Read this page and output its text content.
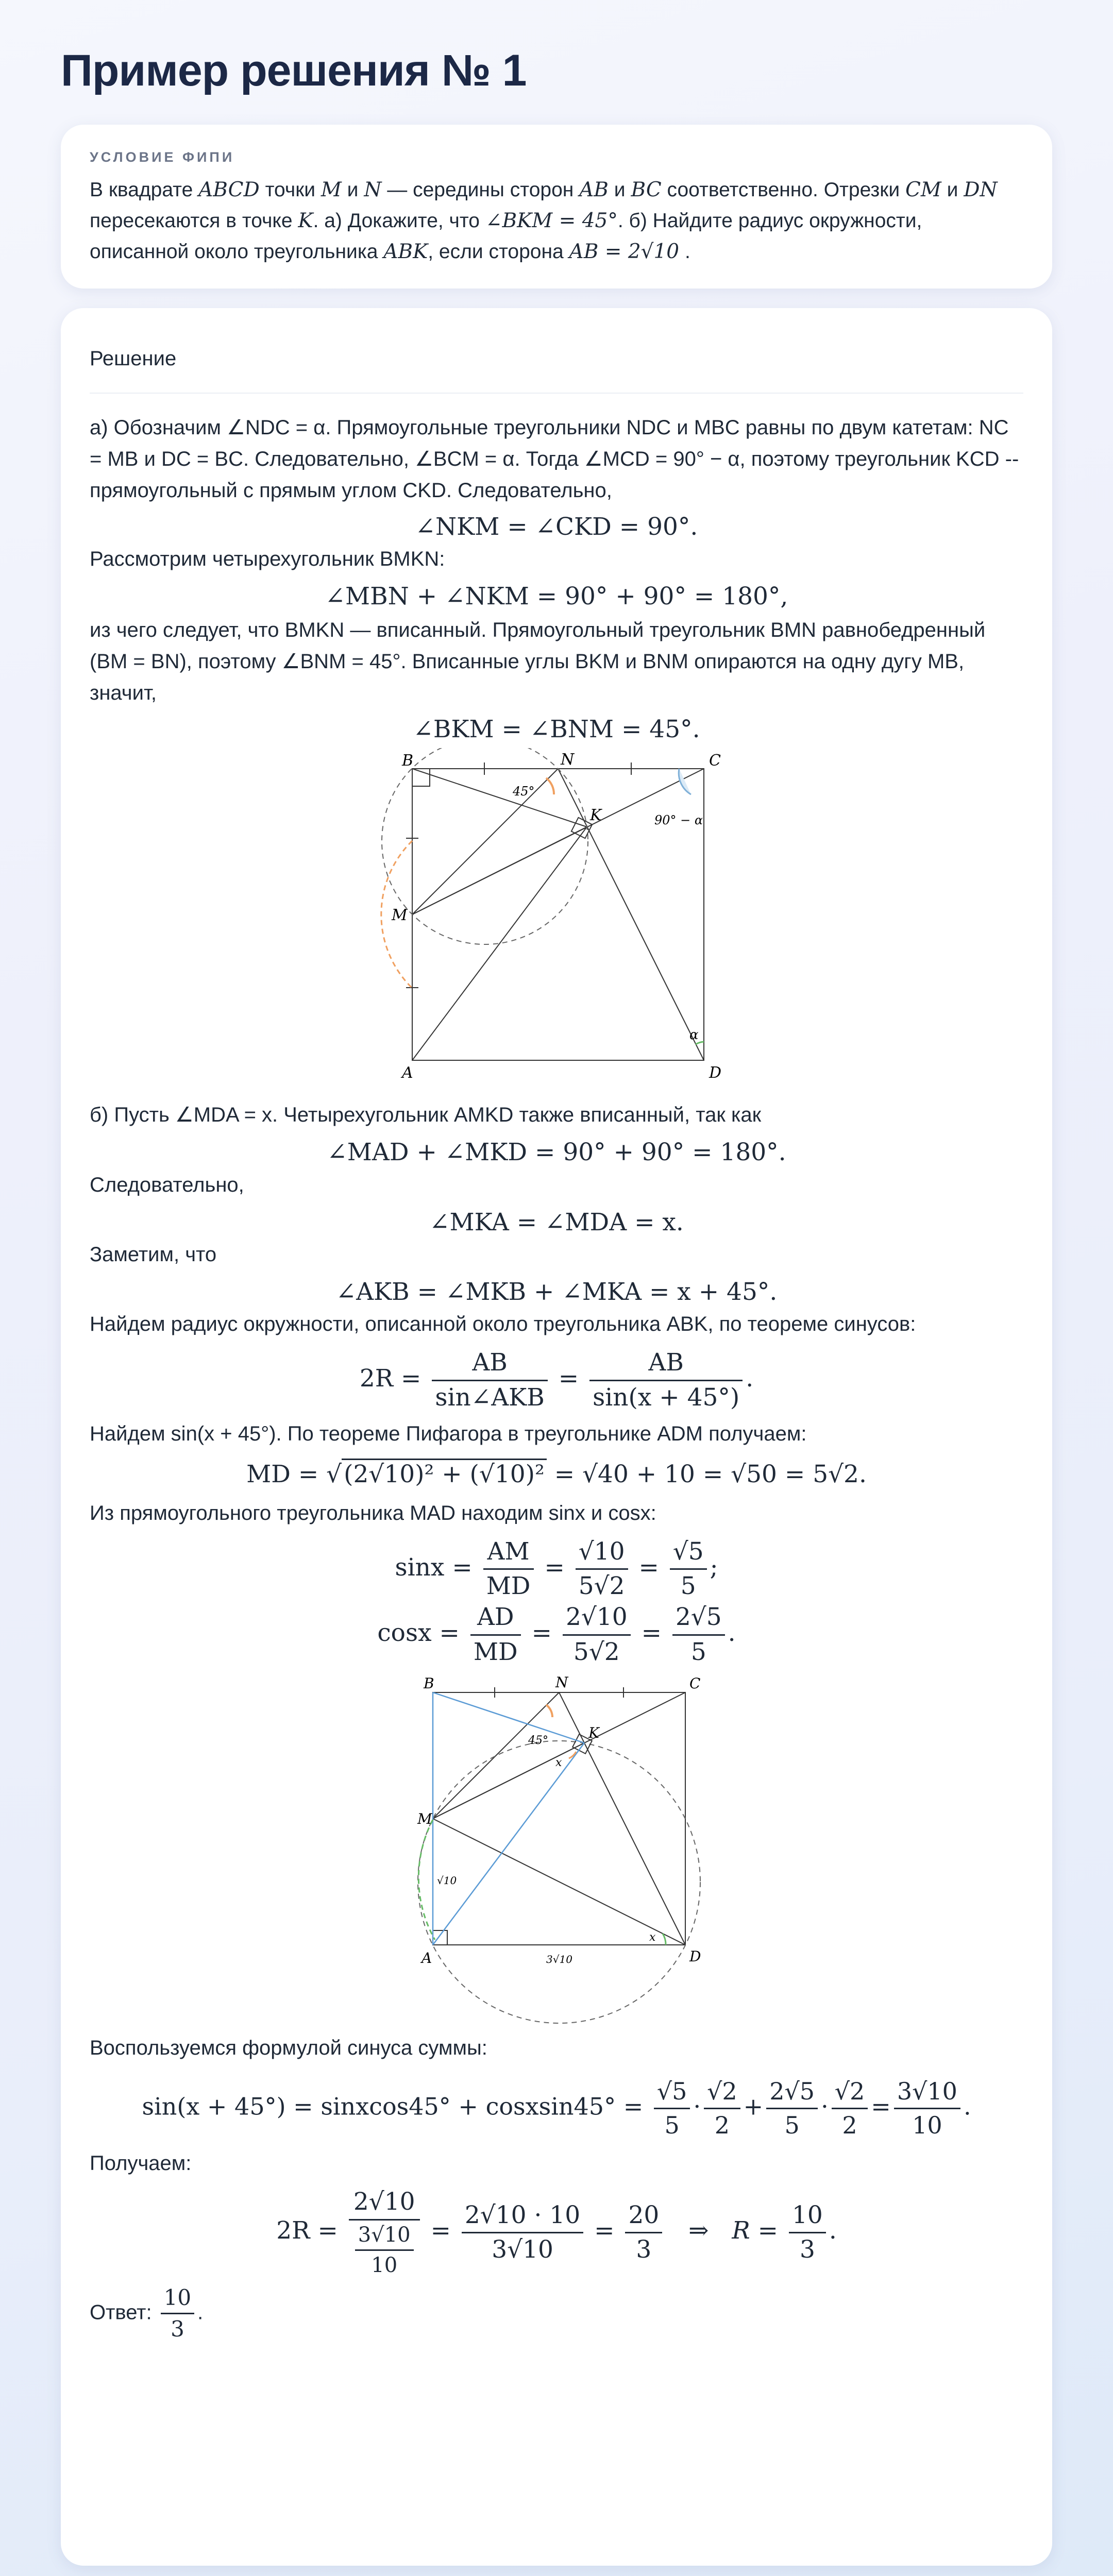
Пример решения № 1
УСЛОВИЕ ФИПИ
В квадрате ABCD точки M и N — середины сторон AB и BC соответственно. Отрезки CM и DN
пересекаются в точке K. а) Докажите, что ∠BKM = 45°. б) Найдите радиус окружности, описанной около треугольника ABK, если сторона AB = 2√10 .
Решение
а) Обозначим ∠NDC = α. Прямоугольные треугольники NDC и MBC равны по двум катетам: NC = MB и DC = BC. Следовательно, ∠BCM = α. Тогда ∠MCD = 90° − α, поэтому треугольник KCD -- прямоугольный с прямым углом CKD. Следовательно,
∠NKM = ∠CKD = 90°.
Рассмотрим четырехугольник BMKN:
∠MBN + ∠NKM = 90° + 90° = 180°,
из чего следует, что BMKN — вписанный. Прямоугольный треугольник BMN равнобедренный (BM = BN), поэтому ∠BNM = 45°. Вписанные углы BKM и BNM опираются на одну дугу MB, значит,
∠BKM = ∠BNM = 45°.
B	C
A	D
M
N
K
45°
90° − α
α
б) Пусть ∠MDA = x. Четырехугольник AMKD также вписанный, так как
∠MAD + ∠MKD = 90° + 90° = 180°.
Следовательно,
∠MKA = ∠MDA = x.
Заметим, что
∠AKB = ∠MKB + ∠MKA = x + 45°.
Найдем радиус окружности, описанной около треугольника ABK, по теореме синусов:
$2R = \frac{AB}{\text{sin∠AKB}} = \frac{AB}{\sin(x + 45^\circ)}$ .
Найдем sin(x + 45°). По теореме Пифагора в треугольнике ADM получаем:
MD = √(2√10)² + (√10)² = √40 + 10 = √50 = 5√2.
Из прямоугольного треугольника MAD находим sinx и cosx:
$\sin x = \frac{AM}{MD} = \frac{√10}{5√2} = \frac{√5}{5}$ ;
$\cos x = \frac{AD}{MD} = \frac{2√10}{5√2} = \frac{2√5}{5}$ .
B	C
A	D
M
N
K
45°
x
x
√10
3√10
Воспользуемся формулой синуса суммы:
sin(x + 45°) = sinxcos45° + cosxsin45° = $\frac{√5}{5} \cdot \frac{√2}{2} + \frac{2√5}{5} \cdot \frac{√2}{2} = \frac{3√10}{10}$ .
Получаем:
$2R = \frac{2√10}{\frac{3√10}{10}} = \frac{2√10 \cdot 10}{3√10} = \frac{20}{3}$ ⇒ $R = \frac{10}{3}$ .
Ответ: $\frac{10}{3}$ .
